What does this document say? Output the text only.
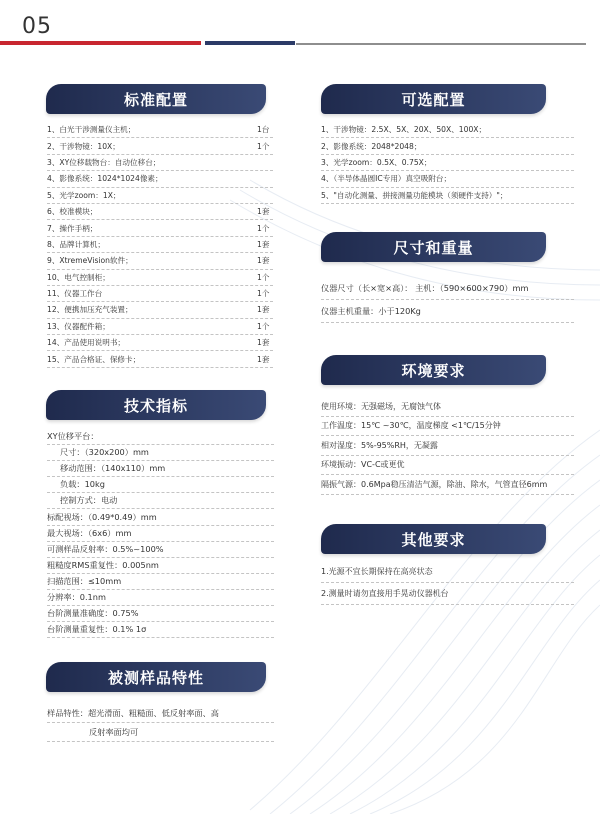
05
标准配置
1、白光干涉测量仪主机；	1台
2、干涉物镜：10X；	1个
3、XY位移载物台：自动位移台；
4、影像系统：1024*1024像素；
5、光学zoom：1X；
6、校准模块；	1套
7、操作手柄；	1个
8、品牌计算机；	1套
9、XtremeVision软件；	1套
10、电气控制柜；	1个
11、仪器工作台	1个
12、便携加压充气装置；	1套
13、仪器配件箱；	1个
14、产品使用说明书；	1套
15、产品合格证、保修卡；	1套
技术指标
XY位移平台：
尺寸：（320x200）mm
移动范围：（140x110）mm
负载：10kg
控制方式：电动
标配视场：（0.49*0.49）mm
最大视场：（6x6）mm
可测样品反射率：0.5%~100%
粗糙度RMS重复性：0.005nm
扫描范围：≤10mm
分辨率：0.1nm
台阶测量准确度：0.75%
台阶测量重复性：0.1% 1σ
被测样品特性
样品特性：超光滑面、粗糙面、低反射率面、高
反射率面均可
可选配置
1、干涉物镜：2.5X、5X、20X、50X、100X；
2、影像系统：2048*2048；
3、光学zoom：0.5X、0.75X；
4、（半导体晶圆IC专用）真空吸附台；
5、"自动化测量、拼接测量功能模块（须硬件支持）"；
尺寸和重量
仪器尺寸（长×宽×高）： 主机：（590×600×790）mm
仪器主机重量：小于120Kg
环境要求
使用环境：无强磁场，无腐蚀气体
工作温度：15℃ ~30℃，温度梯度 <1℃/15分钟
相对湿度：5%-95%RH，无凝露
环境振动：VC-C或更优
隔振气源：0.6Mpa稳压清洁气源，除油、除水，气管直径6mm
其他要求
1.光源不宜长期保持在高亮状态
2.测量时请勿直接用手晃动仪器机台
